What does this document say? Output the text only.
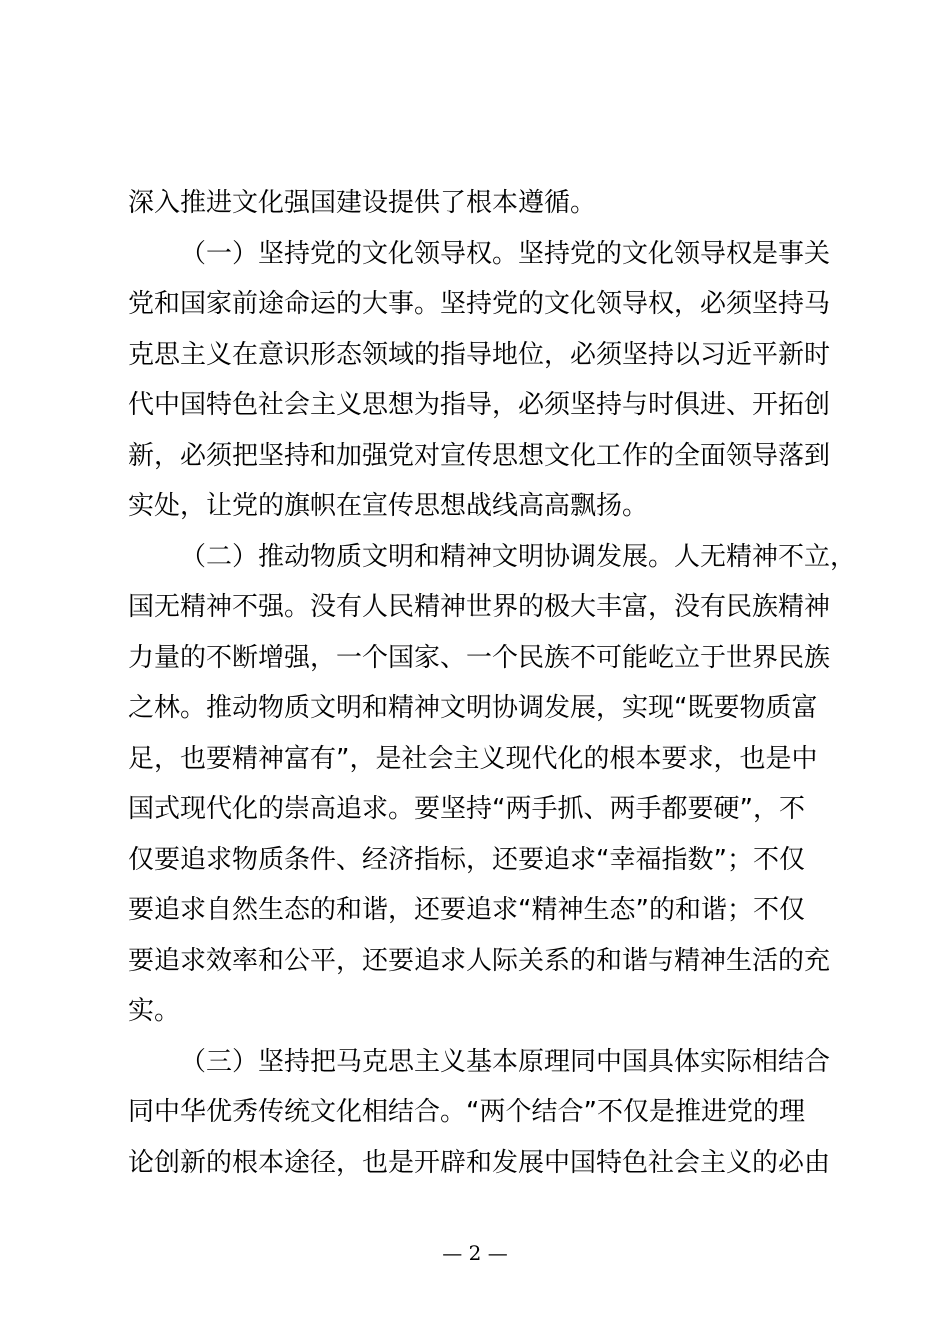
深入推进文化强国建设提供了根本遵循。
（一）坚持党的文化领导权。坚持党的文化领导权是事关
党和国家前途命运的大事。坚持党的文化领导权，必须坚持马
克思主义在意识形态领域的指导地位，必须坚持以习近平新时
代中国特色社会主义思想为指导，必须坚持与时俱进、开拓创
新，必须把坚持和加强党对宣传思想文化工作的全面领导落到
实处，让党的旗帜在宣传思想战线高高飘扬。
（二）推动物质文明和精神文明协调发展。人无精神不立，
国无精神不强。没有人民精神世界的极大丰富，没有民族精神
力量的不断增强，一个国家、一个民族不可能屹立于世界民族
之林。推动物质文明和精神文明协调发展，实现“既要物质富
足，也要精神富有”，是社会主义现代化的根本要求，也是中
国式现代化的崇高追求。要坚持“两手抓、两手都要硬”，不
仅要追求物质条件、经济指标，还要追求“幸福指数”；不仅
要追求自然生态的和谐，还要追求“精神生态”的和谐；不仅
要追求效率和公平，还要追求人际关系的和谐与精神生活的充
实。
（三）坚持把马克思主义基本原理同中国具体实际相结合
同中华优秀传统文化相结合。“两个结合”不仅是推进党的理
论创新的根本途径，也是开辟和发展中国特色社会主义的必由
— 2 —
